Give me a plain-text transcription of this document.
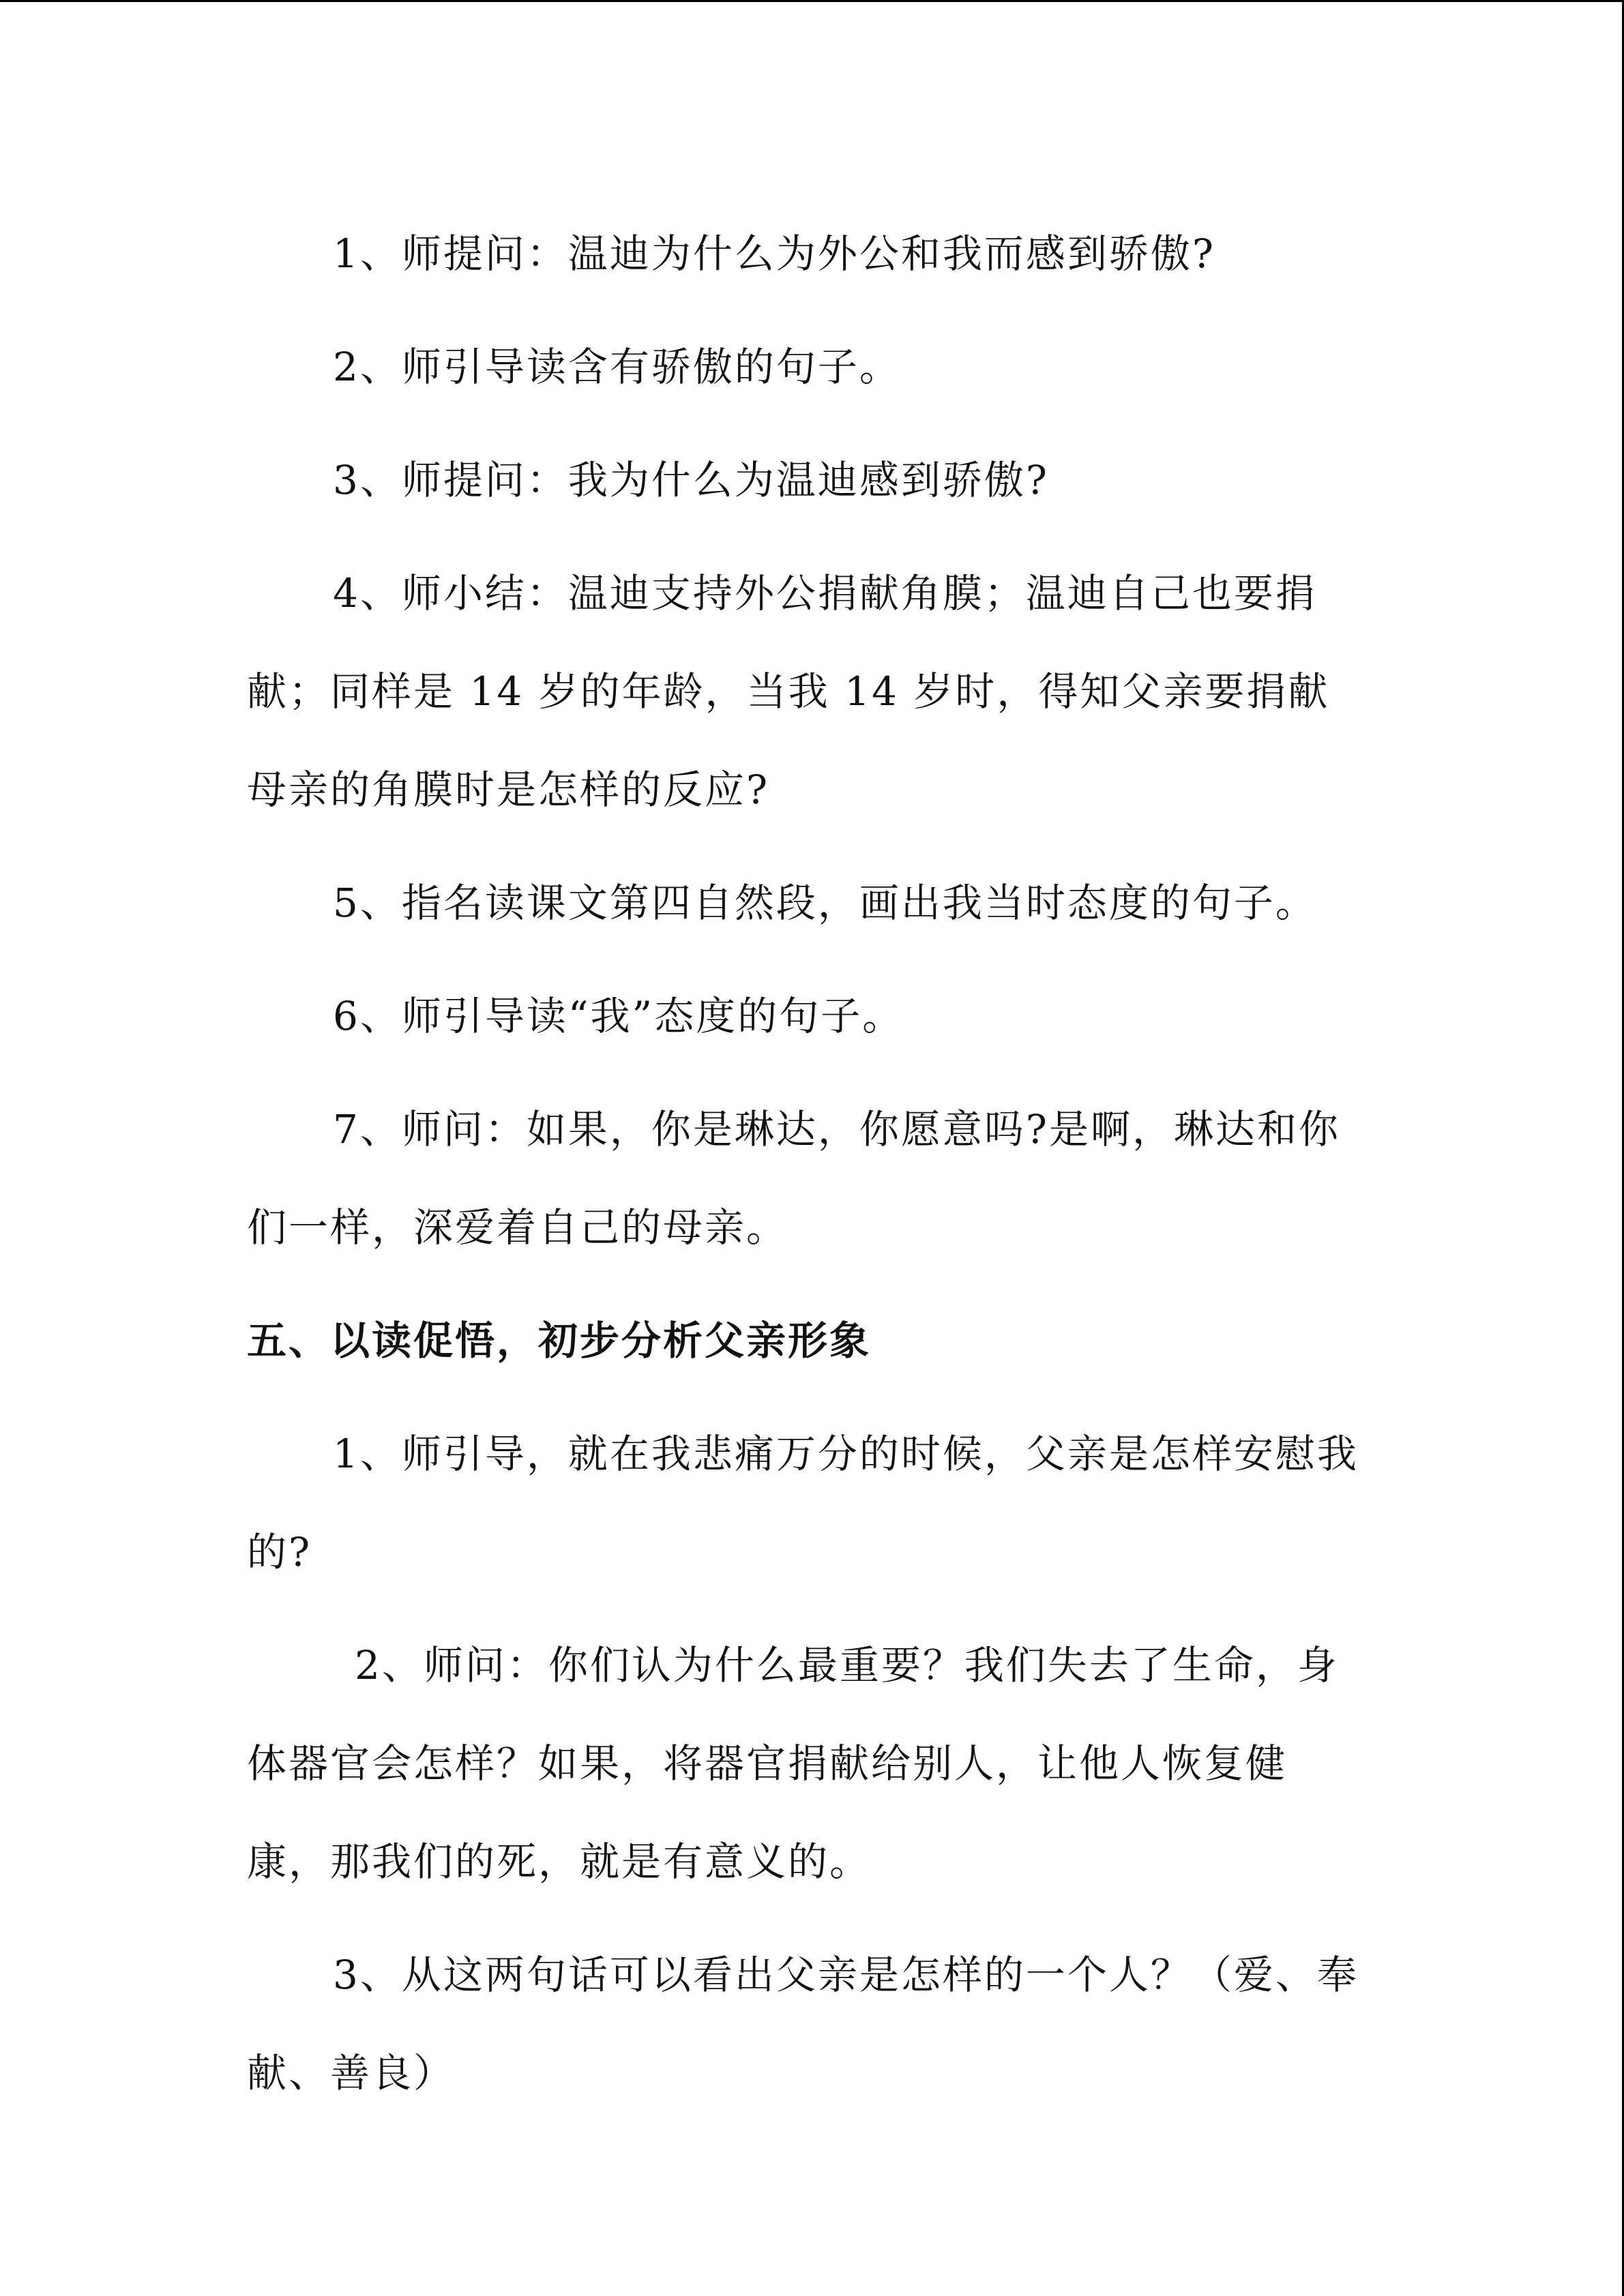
1、师提问：温迪为什么为外公和我而感到骄傲?

2、师引导读含有骄傲的句子。

3、师提问：我为什么为温迪感到骄傲?

4、师小结：温迪支持外公捐献角膜；温迪自己也要捐献；同样是 14 岁的年龄，当我 14 岁时，得知父亲要捐献母亲的角膜时是怎样的反应?

5、指名读课文第四自然段，画出我当时态度的句子。

6、师引导读“我”态度的句子。

7、师问：如果，你是琳达，你愿意吗?是啊，琳达和你们一样，深爱着自己的母亲。

五、以读促悟，初步分析父亲形象

1、师引导，就在我悲痛万分的时候，父亲是怎样安慰我的?

2、师问：你们认为什么最重要？我们失去了生命，身体器官会怎样？如果，将器官捐献给别人，让他人恢复健康，那我们的死，就是有意义的。

3、从这两句话可以看出父亲是怎样的一个人？（爱、奉献、善良）
